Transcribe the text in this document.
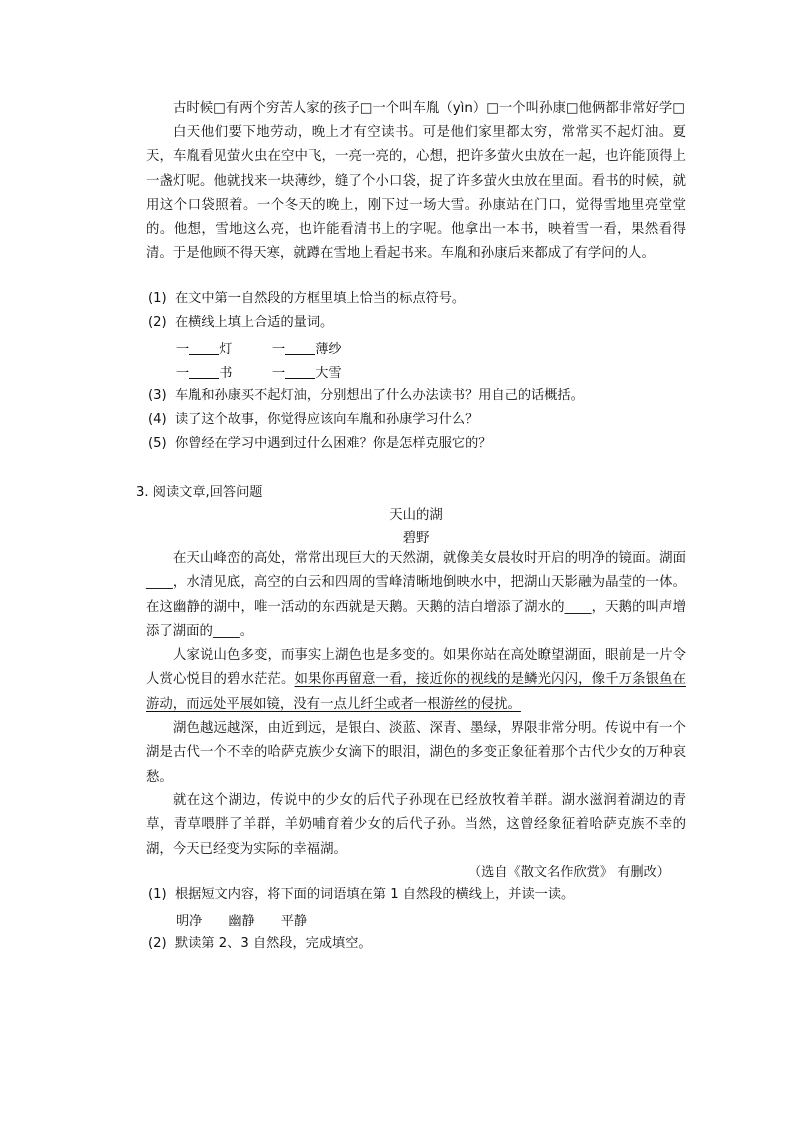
古时候□有两个穷苦人家的孩子□一个叫车胤（yìn）□一个叫孙康□他俩都非常好学□

白天他们要下地劳动，晚上才有空读书。可是他们家里都太穷，常常买不起灯油。夏天，车胤看见萤火虫在空中飞，一亮一亮的，心想，把许多萤火虫放在一起，也许能顶得上一盏灯呢。他就找来一块薄纱，缝了个小口袋，捉了许多萤火虫放在里面。看书的时候，就用这个口袋照着。一个冬天的晚上，刚下过一场大雪。孙康站在门口，觉得雪地里亮堂堂的。他想，雪地这么亮，也许能看清书上的字呢。他拿出一本书，映着雪一看，果然看得清。于是他顾不得天寒，就蹲在雪地上看起书来。车胤和孙康后来都成了有学问的人。

(1) 在文中第一自然段的方框里填上恰当的标点符号。
(2) 在横线上填上合适的量词。
一 灯	一 薄纱
一 书	一 大雪
(3) 车胤和孙康买不起灯油，分别想出了什么办法读书？用自己的话概括。
(4) 读了这个故事，你觉得应该向车胤和孙康学习什么？
(5) 你曾经在学习中遇到过什么困难？你是怎样克服它的？
3. 阅读文章,回答问题
天山的湖
碧野

在天山峰峦的高处，常常出现巨大的天然湖，就像美女晨妆时开启的明净的镜面。湖面____，水清见底，高空的白云和四周的雪峰清晰地倒映水中，把湖山天影融为晶莹的一体。在这幽静的湖中，唯一活动的东西就是天鹅。天鹅的洁白增添了湖水的____，天鹅的叫声增添了湖面的____。

人家说山色多变，而事实上湖色也是多变的。如果你站在高处瞭望湖面，眼前是一片令人赏心悦目的碧水茫茫。如果你再留意一看，接近你的视线的是鳞光闪闪，像千万条银鱼在游动，而远处平展如镜，没有一点儿纤尘或者一根游丝的侵扰。

湖色越远越深，由近到远，是银白、淡蓝、深青、墨绿，界限非常分明。传说中有一个湖是古代一个不幸的哈萨克族少女滴下的眼泪，湖色的多变正象征着那个古代少女的万种哀愁。

就在这个湖边，传说中的少女的后代子孙现在已经放牧着羊群。湖水滋润着湖边的青草，青草喂胖了羊群，羊奶哺育着少女的后代子孙。当然，这曾经象征着哈萨克族不幸的湖，今天已经变为实际的幸福湖。

（选自《散文名作欣赏》 有删改）
(1) 根据短文内容，将下面的词语填在第 1 自然段的横线上，并读一读。
明净 幽静 平静
(2) 默读第 2、3 自然段，完成填空。
